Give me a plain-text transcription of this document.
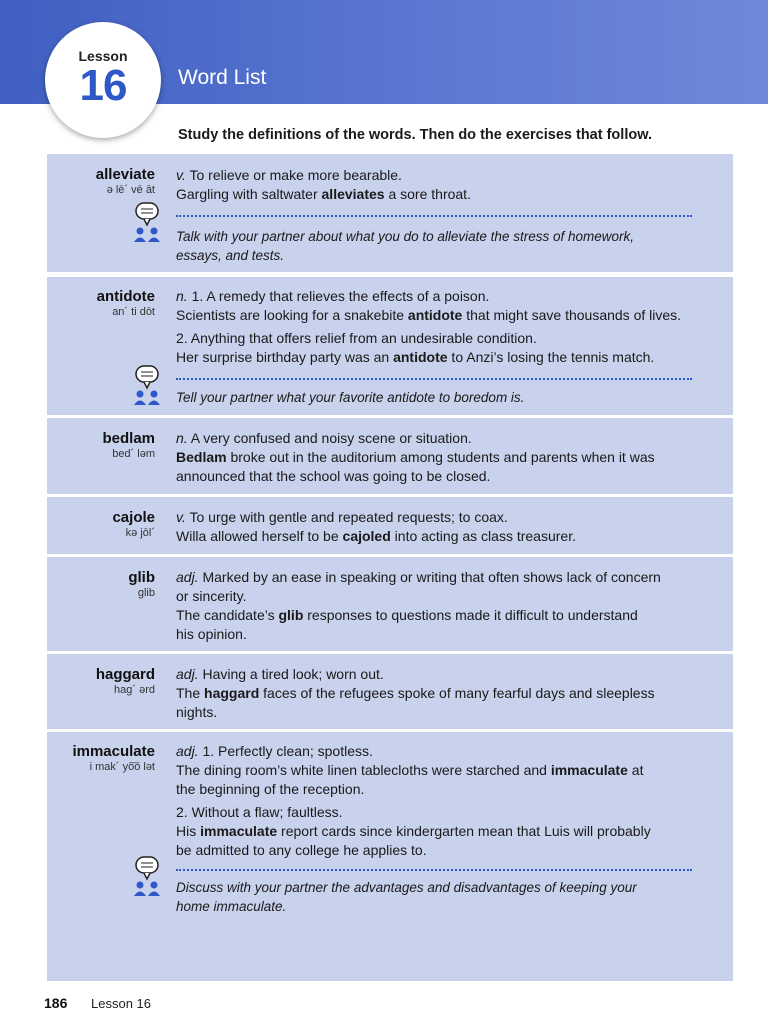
Lesson
16	Word List
Study the definitions of the words. Then do the exercises that follow.
alleviate
ə lē´ vē āt
v. To relieve or make more bearable.
Gargling with saltwater alleviates a sore throat.
Talk with your partner about what you do to alleviate the stress of homework,
essays, and tests.
antidote
an´ ti dōt
n. 1. A remedy that relieves the effects of a poison.
Scientists are looking for a snakebite antidote that might save thousands of lives.
2. Anything that offers relief from an undesirable condition.
Her surprise birthday party was an antidote to Anzi’s losing the tennis match.
Tell your partner what your favorite antidote to boredom is.
bedlam
bed´ ləm
n. A very confused and noisy scene or situation.
Bedlam broke out in the auditorium among students and parents when it was
announced that the school was going to be closed.
cajole
kə jōl´
v. To urge with gentle and repeated requests; to coax.
Willa allowed herself to be cajoled into acting as class treasurer.
glib
glib
adj. Marked by an ease in speaking or writing that often shows lack of concern
or sincerity.
The candidate’s glib responses to questions made it difficult to understand
his opinion.
haggard
hag´ ərd
adj. Having a tired look; worn out.
The haggard faces of the refugees spoke of many fearful days and sleepless
nights.
immaculate
i mak´ yo͞o lət
adj. 1. Perfectly clean; spotless.
The dining room’s white linen tablecloths were starched and immaculate at
the beginning of the reception.
2. Without a flaw; faultless.
His immaculate report cards since kindergarten mean that Luis will probably
be admitted to any college he applies to.
Discuss with your partner the advantages and disadvantages of keeping your
home immaculate.
186 Lesson 16
